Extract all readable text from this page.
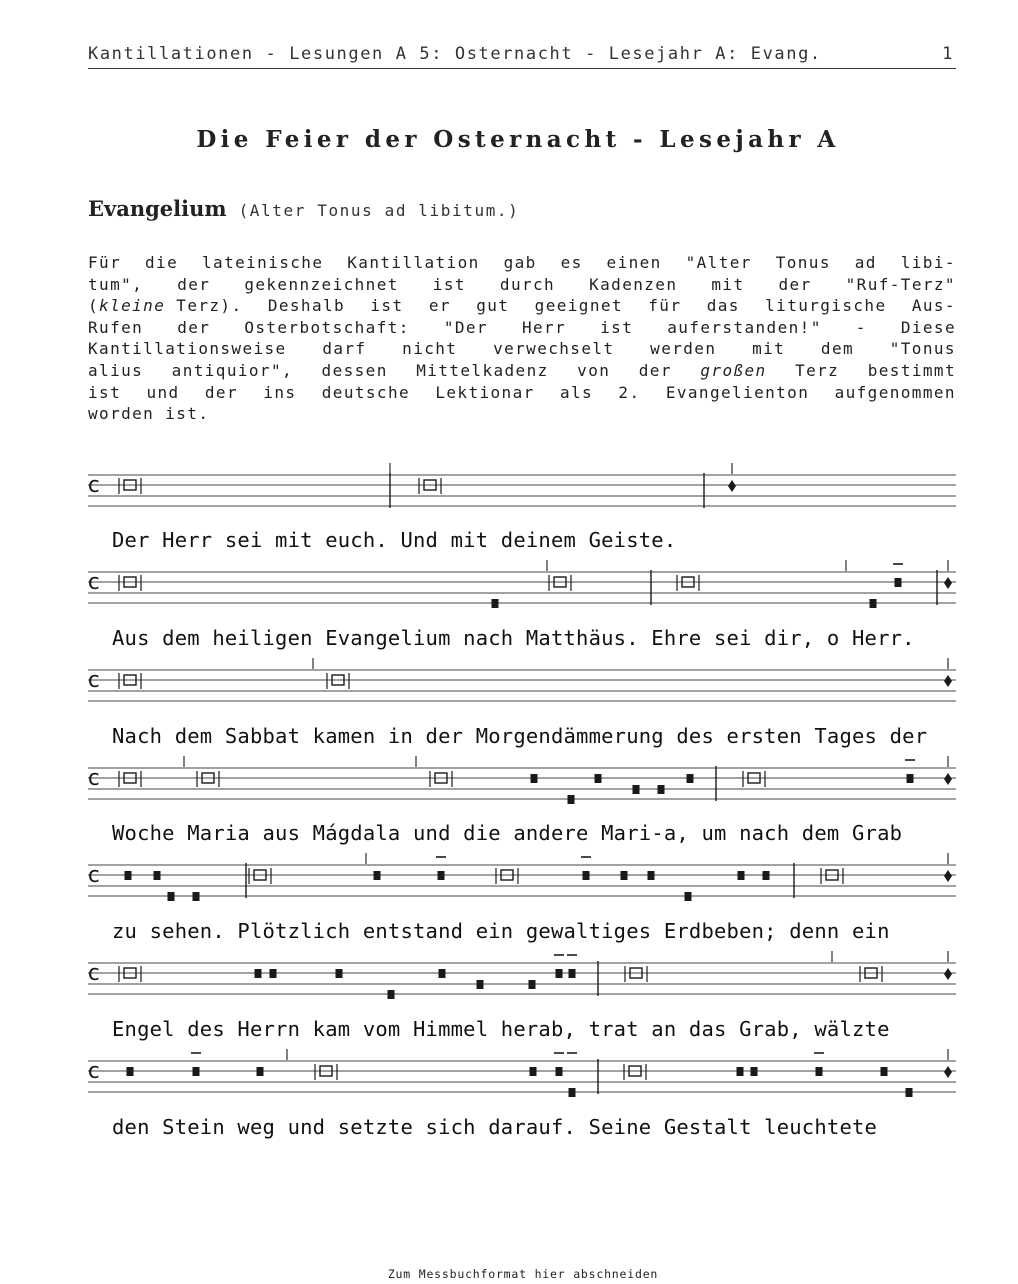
Kantillationen - Lesungen A 5: Osternacht - Lesejahr A: Evang.	1
Die Feier der Osternacht - Lesejahr A
Evangelium (Alter Tonus ad libitum.)
Für die lateinische Kantillation gab es einen "Alter Tonus ad libi-
tum", der gekennzeichnet ist durch Kadenzen mit der "Ruf-Terz"
(kleine Terz). Deshalb ist er gut geeignet für das liturgische Aus-
Rufen der Osterbotschaft: "Der Herr ist auferstanden!" - Diese
Kantillationsweise darf nicht verwechselt werden mit dem "Tonus
alius antiquior", dessen Mittelkadenz von der großen Terz bestimmt
ist und der ins deutsche Lektionar als 2. Evangelienton aufgenommen
worden ist.
c
c
c
c
c
c
c
Der Herr sei mit euch. Und mit deinem Geiste.
Aus dem heiligen Evangelium nach Matthäus. Ehre sei dir, o Herr.
Nach dem Sabbat kamen in der Morgendämmerung des ersten Tages der
Woche Maria aus Mágdala und die andere Mari-a, um nach dem Grab
zu sehen. Plötzlich entstand ein gewaltiges Erdbeben; denn ein
Engel des Herrn kam vom Himmel herab, trat an das Grab, wälzte
den Stein weg und setzte sich darauf. Seine Gestalt leuchtete
Zum Messbuchformat hier abschneiden
